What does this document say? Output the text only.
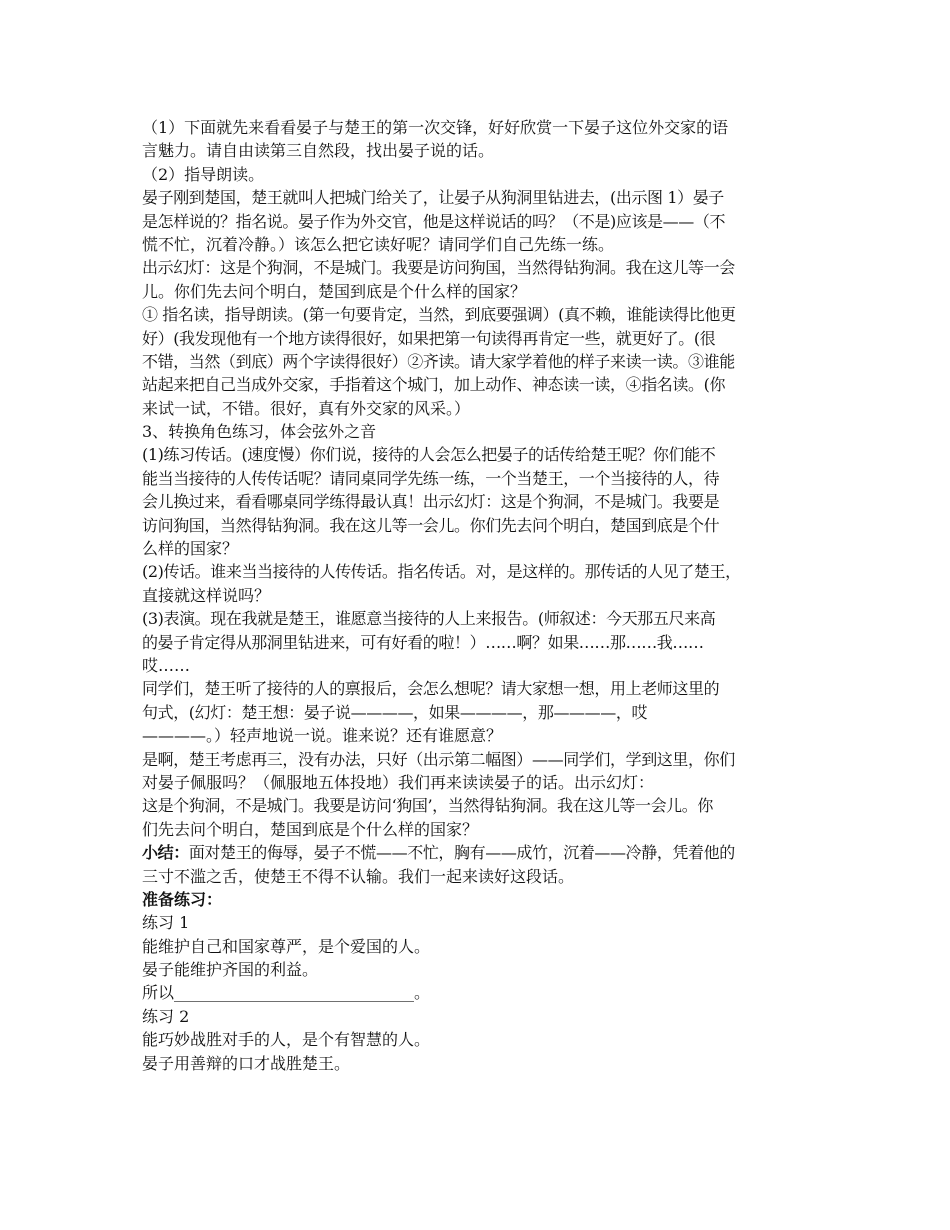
（1）下面就先来看看晏子与楚王的第一次交锋，好好欣赏一下晏子这位外交家的语
言魅力。请自由读第三自然段，找出晏子说的话。
（2）指导朗读。
晏子刚到楚国，楚王就叫人把城门给关了，让晏子从狗洞里钻进去，(出示图 1）晏子
是怎样说的？指名说。晏子作为外交官，他是这样说话的吗？（不是)应该是——（不
慌不忙，沉着冷静。）该怎么把它读好呢？请同学们自己先练一练。
出示幻灯：这是个狗洞，不是城门。我要是访问狗国，当然得钻狗洞。我在这儿等一会
儿。你们先去问个明白，楚国到底是个什么样的国家？
① 指名读，指导朗读。(第一句要肯定，当然，到底要强调）(真不赖，谁能读得比他更
好）(我发现他有一个地方读得很好，如果把第一句读得再肯定一些，就更好了。(很
不错，当然（到底）两个字读得很好）②齐读。请大家学着他的样子来读一读。③谁能
站起来把自己当成外交家，手指着这个城门，加上动作、神态读一读，④指名读。(你
来试一试，不错。很好，真有外交家的风采。）
3、转换角色练习，体会弦外之音
(1)练习传话。(速度慢）你们说，接待的人会怎么把晏子的话传给楚王呢？你们能不
能当当接待的人传传话呢？请同桌同学先练一练，一个当楚王，一个当接待的人，待
会儿换过来，看看哪桌同学练得最认真！出示幻灯：这是个狗洞，不是城门。我要是
访问狗国，当然得钻狗洞。我在这儿等一会儿。你们先去问个明白，楚国到底是个什
么样的国家？
(2)传话。谁来当当接待的人传传话。指名传话。对，是这样的。那传话的人见了楚王，
直接就这样说吗？
(3)表演。现在我就是楚王，谁愿意当接待的人上来报告。(师叙述：今天那五尺来高
的晏子肯定得从那洞里钻进来，可有好看的啦！）……啊？如果……那……我……
哎……
同学们，楚王听了接待的人的禀报后，会怎么想呢？请大家想一想，用上老师这里的
句式，(幻灯：楚王想：晏子说————，如果————，那————，哎
————。）轻声地说一说。谁来说？还有谁愿意？
是啊，楚王考虑再三，没有办法，只好（出示第二幅图）——同学们，学到这里，你们
对晏子佩服吗？（佩服地五体投地）我们再来读读晏子的话。出示幻灯：
这是个狗洞，不是城门。我要是访问‘狗国’，当然得钻狗洞。我在这儿等一会儿。你
们先去问个明白，楚国到底是个什么样的国家？
小结：面对楚王的侮辱，晏子不慌——不忙，胸有——成竹，沉着——冷静，凭着他的
三寸不滥之舌，使楚王不得不认输。我们一起来读好这段话。
准备练习：
练习 1
能维护自己和国家尊严，是个爱国的人。
晏子能维护齐国的利益。
所以______________________________。
练习 2
能巧妙战胜对手的人，是个有智慧的人。
晏子用善辩的口才战胜楚王。
